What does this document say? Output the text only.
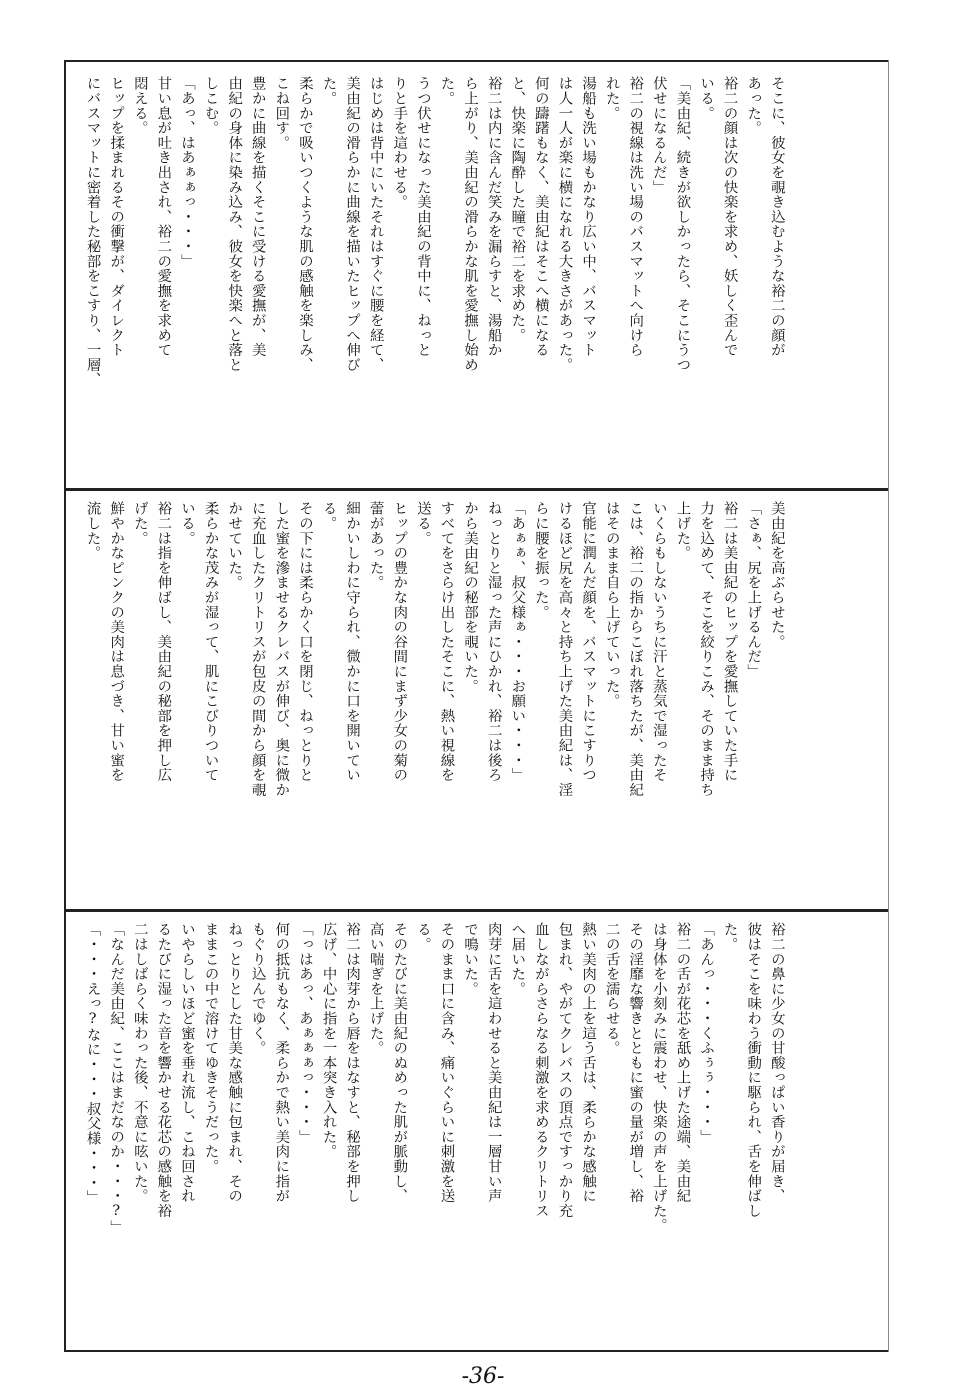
そこに、彼女を覗き込むような裕二の顔が

あった。

裕二の顔は次の快楽を求め、妖しく歪んで

いる。

「美由紀、続きが欲しかったら、そこにうつ

伏せになるんだ」

裕二の視線は洗い場のバスマットへ向けら

れた。

湯船も洗い場もかなり広い中、バスマット

は人一人が楽に横になれる大きさがあった。

何の躊躇もなく、美由紀はそこへ横になる

と、快楽に陶酔した瞳で裕二を求めた。

裕二は内に含んだ笑みを漏らすと、湯船か

ら上がり、美由紀の滑らかな肌を愛撫し始め

た。

うつ伏せになった美由紀の背中に、ねっと

りと手を這わせる。

はじめは背中にいたそれはすぐに腰を経て、

美由紀の滑らかに曲線を描いたヒップへ伸び

た。

柔らかで吸いつくような肌の感触を楽しみ、

こね回す。

豊かに曲線を描くそこに受ける愛撫が、美

由紀の身体に染み込み、彼女を快楽へと落と

しこむ。

「あっ、はあぁぁっ・・・」

甘い息が吐き出され、裕二の愛撫を求めて

悶える。

ヒップを揉まれるその衝撃が、ダイレクト

にバスマットに密着した秘部をこすり、一層、

美由紀を高ぶらせた。

「さぁ、尻を上げるんだ」

裕二は美由紀のヒップを愛撫していた手に

力を込めて、そこを絞りこみ、そのまま持ち

上げた。

いくらもしないうちに汗と蒸気で湿ったそ

こは、裕二の指からこぼれ落ちたが、美由紀

はそのまま自ら上げていった。

官能に潤んだ顔を、バスマットにこすりつ

けるほど尻を高々と持ち上げた美由紀は、淫

らに腰を振った。

「あぁぁ、叔父様ぁ・・・お願い・・・」

ねっとりと湿った声にひかれ、裕二は後ろ

から美由紀の秘部を覗いた。

すべてをさらけ出したそこに、熱い視線を

送る。

ヒップの豊かな肉の谷間にまず少女の菊の

蕾があった。

細かいしわに守られ、微かに口を開いてい

る。

その下には柔らかく口を閉じ、ねっとりと

した蜜を滲ませるクレバスが伸び、奥に微か

に充血したクリトリスが包皮の間から顔を覗

かせていた。

柔らかな茂みが湿って、肌にこびりついて

いる。

裕二は指を伸ばし、美由紀の秘部を押し広

げた。

鮮やかなピンクの美肉は息づき、甘い蜜を

流した。

裕二の鼻に少女の甘酸っぱい香りが届き、

彼はそこを味わう衝動に駆られ、舌を伸ばし

た。

「あんっ・・・くふぅぅ・・・」

裕二の舌が花芯を舐め上げた途端、美由紀

は身体を小刻みに震わせ、快楽の声を上げた。

その淫靡な響きとともに蜜の量が増し、裕

二の舌を濡らせる。

熱い美肉の上を這う舌は、柔らかな感触に

包まれ、やがてクレバスの頂点ですっかり充

血しながらさらなる刺激を求めるクリトリス

へ届いた。

肉芽に舌を這わせると美由紀は一層甘い声

で鳴いた。

そのまま口に含み、痛いぐらいに刺激を送

る。

そのたびに美由紀のぬめった肌が脈動し、

高い喘ぎを上げた。

裕二は肉芽から唇をはなすと、秘部を押し

広げ、中心に指を一本突き入れた。

「っはあっ、あぁぁぁっ・・・」

何の抵抗もなく、柔らかで熱い美肉に指が

もぐり込んでゆく。

ねっとりとした甘美な感触に包まれ、その

ままこの中で溶けてゆきそうだった。

いやらしいほど蜜を垂れ流し、こね回され

るたびに湿った音を響かせる花芯の感触を裕

二はしばらく味わった後、不意に呟いた。

「なんだ美由紀、ここはまだなのか・・・?」

「・・・えっ?なに・・・叔父様・・・」

-36-
